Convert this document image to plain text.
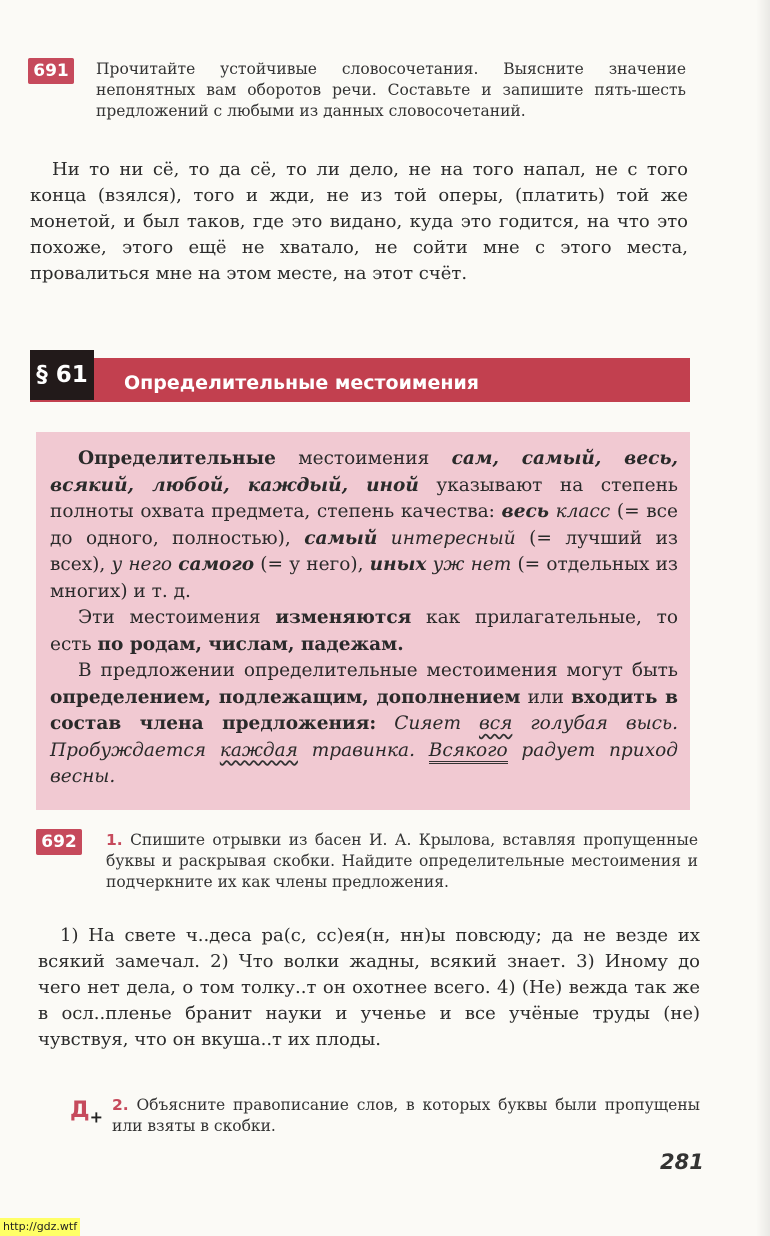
691	Прочитайте устойчивые словосочетания. Выясните значение непонятных вам оборотов речи. Составьте и запишите пять-шесть предложений с любыми из данных словосочетаний.

Ни то ни сё, то да сё, то ли дело, не на того напал, не с того конца (взялся), того и жди, не из той оперы, (платить) той же монетой, и был таков, где это видано, куда это годится, на что это похоже, этого ещё не хватало, не сойти мне с этого места, провалиться мне на этом месте, на этот счёт.

§ 61	Определительные местоимения

Определительные местоимения сам, самый, весь, всякий, любой, каждый, иной указывают на степень полноты охвата предмета, степень качества: весь класс (= все до одного, полностью), самый интересный (= лучший из всех), у него самого (= у него), иных уж нет (= отдельных из многих) и т. д.

Эти местоимения изменяются как прилагательные, то есть по родам, числам, падежам.

В предложении определительные местоимения могут быть определением, подлежащим, дополнением или входить в состав члена предложения: Сияет вся голубая высь. Пробуждается каждая травинка. Всякого радует приход весны.

692	1. Спишите отрывки из басен И. А. Крылова, вставляя пропущенные буквы и раскрывая скобки. Найдите определительные местоимения и подчеркните их как члены предложения.

1) На свете ч..деса ра(с, сс)ея(н, нн)ы повсюду; да не везде их всякий замечал. 2) Что волки жадны, всякий знает. 3) Иному до чего нет дела, о том толку..т он охотнее всего. 4) (Не) вежда так же в осл..пленье бранит науки и ученье и все учёные труды (не) чувствуя, что он вкуша..т их плоды.

$Д_+$
2. Объясните правописание слов, в которых буквы были пропущены или взяты в скобки.
281
http://gdz.wtf
